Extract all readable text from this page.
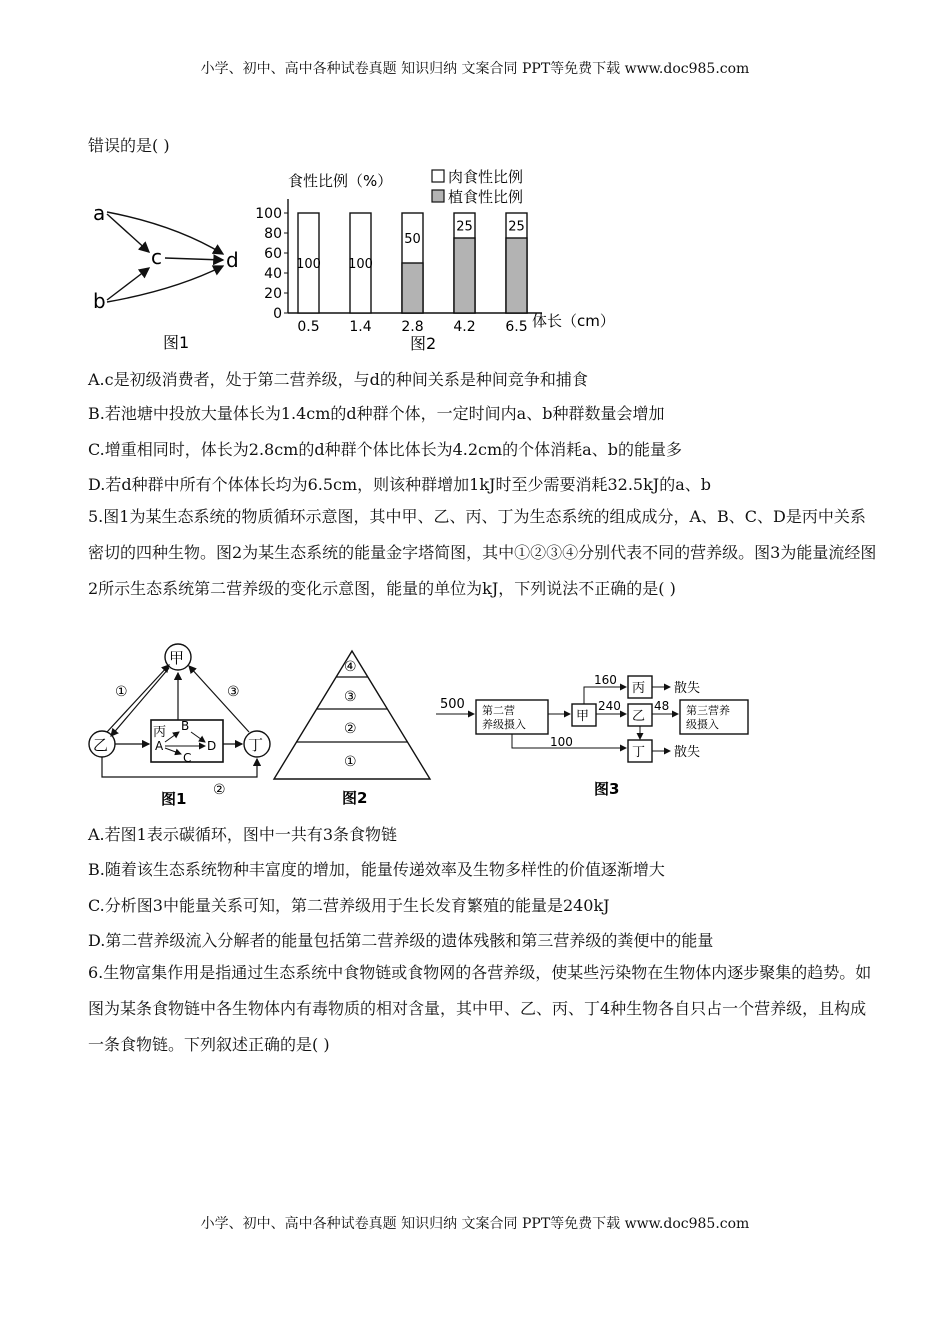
小学、初中、高中各种试卷真题 知识归纳 文案合同 PPT等免费下载 www.doc985.com
错误的是( )
a
b
c	d
图1
食性比例（%）	肉食性比例
植食性比例
0
20
40
60
80
100
100 100
50
25	25
0.5 1.4 2.8 4.2 6.5 体长（cm）
图2
A.c是初级消费者，处于第二营养级，与d的种间关系是种间竞争和捕食
B.若池塘中投放大量体长为1.4cm的d种群个体，一定时间内a、b种群数量会增加
C.增重相同时，体长为2.8cm的d种群个体比体长为4.2cm的个体消耗a、b的能量多
D.若d种群中所有个体体长均为6.5cm，则该种群增加1kJ时至少需要消耗32.5kJ的a、b

5.图1为某生态系统的物质循环示意图，其中甲、乙、丙、丁为生态系统的组成成分，A、B、C、D是丙中关系密切的四种生物。图2为某生态系统的能量金字塔简图，其中①②③④分别代表不同的营养级。图3为能量流经图2所示生态系统第二营养级的变化示意图，能量的单位为kJ，下列说法不正确的是( )

甲
乙	丁
丙 B
A
C
D
①	③
②
图1
④
③
②
①
图2
500 第二营
养级摄入
甲
160
丙 散失
240
乙
48 第三营养
级摄入
100
丁 散失
图3
A.若图1表示碳循环，图中一共有3条食物链
B.随着该生态系统物种丰富度的增加，能量传递效率及生物多样性的价值逐渐增大
C.分析图3中能量关系可知，第二营养级用于生长发育繁殖的能量是240kJ
D.第二营养级流入分解者的能量包括第二营养级的遗体残骸和第三营养级的粪便中的能量

6.生物富集作用是指通过生态系统中食物链或食物网的各营养级，使某些污染物在生物体内逐步聚集的趋势。如图为某条食物链中各生物体内有毒物质的相对含量，其中甲、乙、丙、丁4种生物各自只占一个营养级，且构成一条食物链。下列叙述正确的是( )

小学、初中、高中各种试卷真题 知识归纳 文案合同 PPT等免费下载 www.doc985.com
